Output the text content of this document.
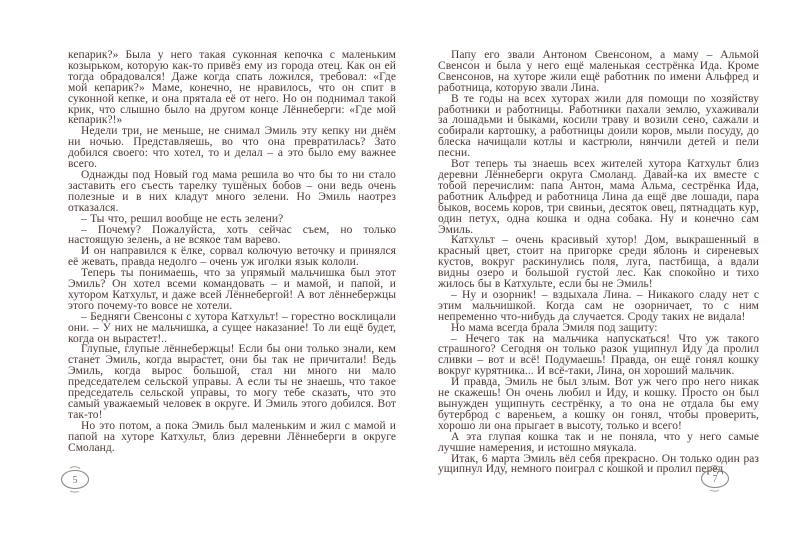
кепарик?» Была у него такая суконная кепочка с маленьким козырьком, которую как-то привёз ему из города отец. Как он ей тогда обрадовался! Даже когда спать ложился, требовал: «Где мой кепарик?» Маме, конечно, не нравилось, что он спит в суконной кепке, и она прятала её от него. Но он поднимал такой крик, что слышно было на другом конце Лённеберги: «Где мой кепарик?!»

Недели три, не меньше, не снимал Эмиль эту кепку ни днём ни ночью. Представляешь, во что она превратилась? Зато добился своего: что хотел, то и делал – а это было ему важнее всего.

Однажды под Новый год мама решила во что бы то ни стало заставить его съесть тарелку тушёных бобов – они ведь очень полезные и в них кладут много зелени. Но Эмиль наотрез отказался.

– Ты что, решил вообще не есть зелени?

– Почему? Пожалуйста, хоть сейчас съем, но только настоящую зелень, а не всякое там варево.

И он направился к ёлке, сорвал колючую веточку и принялся её жевать, правда недолго – очень уж иголки язык кололи.

Теперь ты понимаешь, что за упрямый мальчишка был этот Эмиль? Он хотел всеми командовать – и мамой, и папой, и хутором Катхульт, и даже всей Лённебергой! А вот лённебержцы этого почему-то вовсе не хотели.

– Бедняги Свенсоны с хутора Катхульт! – горестно восклицали они. – У них не мальчишка, а сущее наказание! То ли ещё будет, когда он вырастет!..

Глупые, глупые лённебержцы! Если бы они только знали, кем станет Эмиль, когда вырастет, они бы так не причитали! Ведь Эмиль, когда вырос большой, стал ни много ни мало председателем сельской управы. А если ты не знаешь, что такое председатель сельской управы, то могу тебе сказать, что это самый уважаемый человек в округе. И Эмиль этого добился. Вот так-то!

Но это потом, а пока Эмиль был маленьким и жил с мамой и папой на хуторе Катхульт, близ деревни Лённеберги в округе Смоланд.

Папу его звали Антоном Свенсоном, а маму – Альмой Свенсон и была у него ещё маленькая сестрёнка Ида. Кроме Свенсонов, на хуторе жили ещё работник по имени Альфред и работница, которую звали Лина.

В те годы на всех хуторах жили для помощи по хозяйству работники и работницы. Работники пахали землю, ухаживали за лошадьми и быками, косили траву и возили сено, сажали и собирали картошку, а работницы доили коров, мыли посуду, до блеска начищали котлы и кастрюли, нянчили детей и пели песни.

Вот теперь ты знаешь всех жителей хутора Катхульт близ деревни Лённеберги округа Смоланд. Давай-ка их вместе с тобой перечислим: папа Антон, мама Альма, сестрёнка Ида, работник Альфред и работница Лина да ещё две лошади, пара быков, восемь коров, три свиньи, десяток овец, пятнадцать кур, один петух, одна кошка и одна собака. Ну и конечно сам Эмиль.

Катхульт – очень красивый хутор! Дом, выкрашенный в красный цвет, стоит на пригорке среди яблонь и сиреневых кустов, вокруг раскинулись поля, луга, пастбища, а вдали видны озеро и большой густой лес. Как спокойно и тихо жилось бы в Катхульте, если бы не Эмиль!

– Ну и озорник! – вздыхала Лина. – Никакого сладу нет с этим мальчишкой. Когда сам не озорничает, то с ним непременно что-нибудь да случается. Сроду таких не видала!

Но мама всегда брала Эмиля под защиту:

– Нечего так на мальчика напускаться! Что уж такого страшного? Сегодня он только разок ущипнул Иду да пролил сливки – вот и всё! Подумаешь! Правда, он ещё гонял кошку вокруг курятника... И всё-таки, Лина, он хороший мальчик.

И правда, Эмиль не был злым. Вот уж чего про него никак не скажешь! Он очень любил и Иду, и кошку. Просто он был вынужден ущипнуть сестрёнку, а то она не отдала бы ему бутерброд с вареньем, а кошку он гонял, чтобы проверить, хорошо ли она прыгает в высоту, только и всего!

А эта глупая кошка так и не поняла, что у него самые лучшие намерения, и истошно мяукала.

Итак, 6 марта Эмиль вёл себя прекрасно. Он только один раз ущипнул Иду, немного поиграл с кошкой и пролил перед

5	7
